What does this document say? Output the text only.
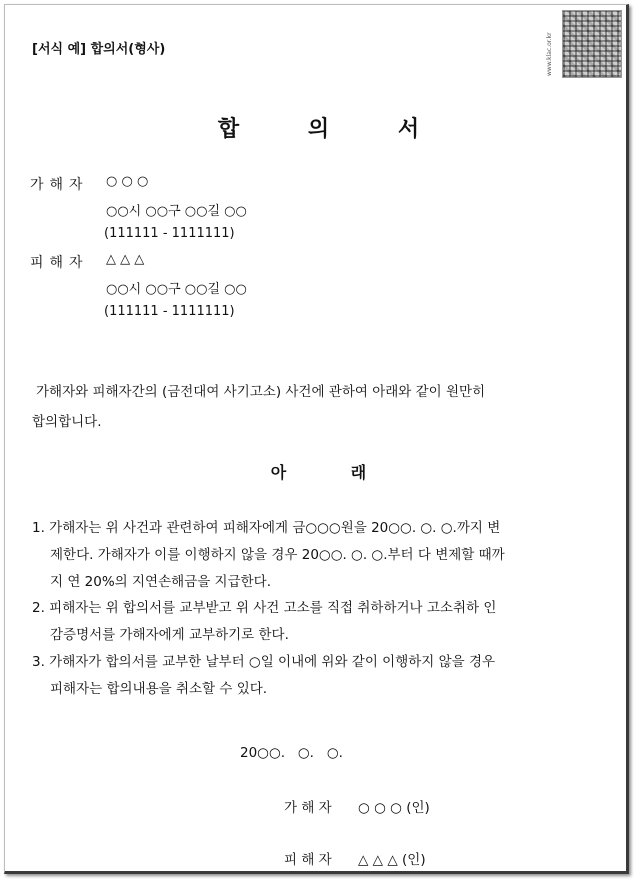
[서식 예] 합의서(형사)	www.klac.or.kr
합	의	서
가해자 ○ ○ ○
○○시 ○○구 ○○길 ○○
(111111 - 1111111)
피해자 △ △ △
○○시 ○○구 ○○길 ○○
(111111 - 1111111)
가해자와 피해자간의 (금전대여 사기고소) 사건에 관하여 아래와 같이 원만히
합의합니다.
아	래
1. 가해자는 위 사건과 관련하여 피해자에게 금○○○원을 20○○. ○. ○.까지 변
제한다. 가해자가 이를 이행하지 않을 경우 20○○. ○. ○.부터 다 변제할 때까
지 연 20%의 지연손해금을 지급한다.
2. 피해자는 위 합의서를 교부받고 위 사건 고소를 직접 취하하거나 고소취하 인
감증명서를 가해자에게 교부하기로 한다.
3. 가해자가 합의서를 교부한 날부터 ○일 이내에 위와 같이 이행하지 않을 경우
피해자는 합의내용을 취소할 수 있다.
20○○.   ○.   ○.
가 해 자 ○ ○ ○ (인)
피 해 자 △ △ △ (인)
